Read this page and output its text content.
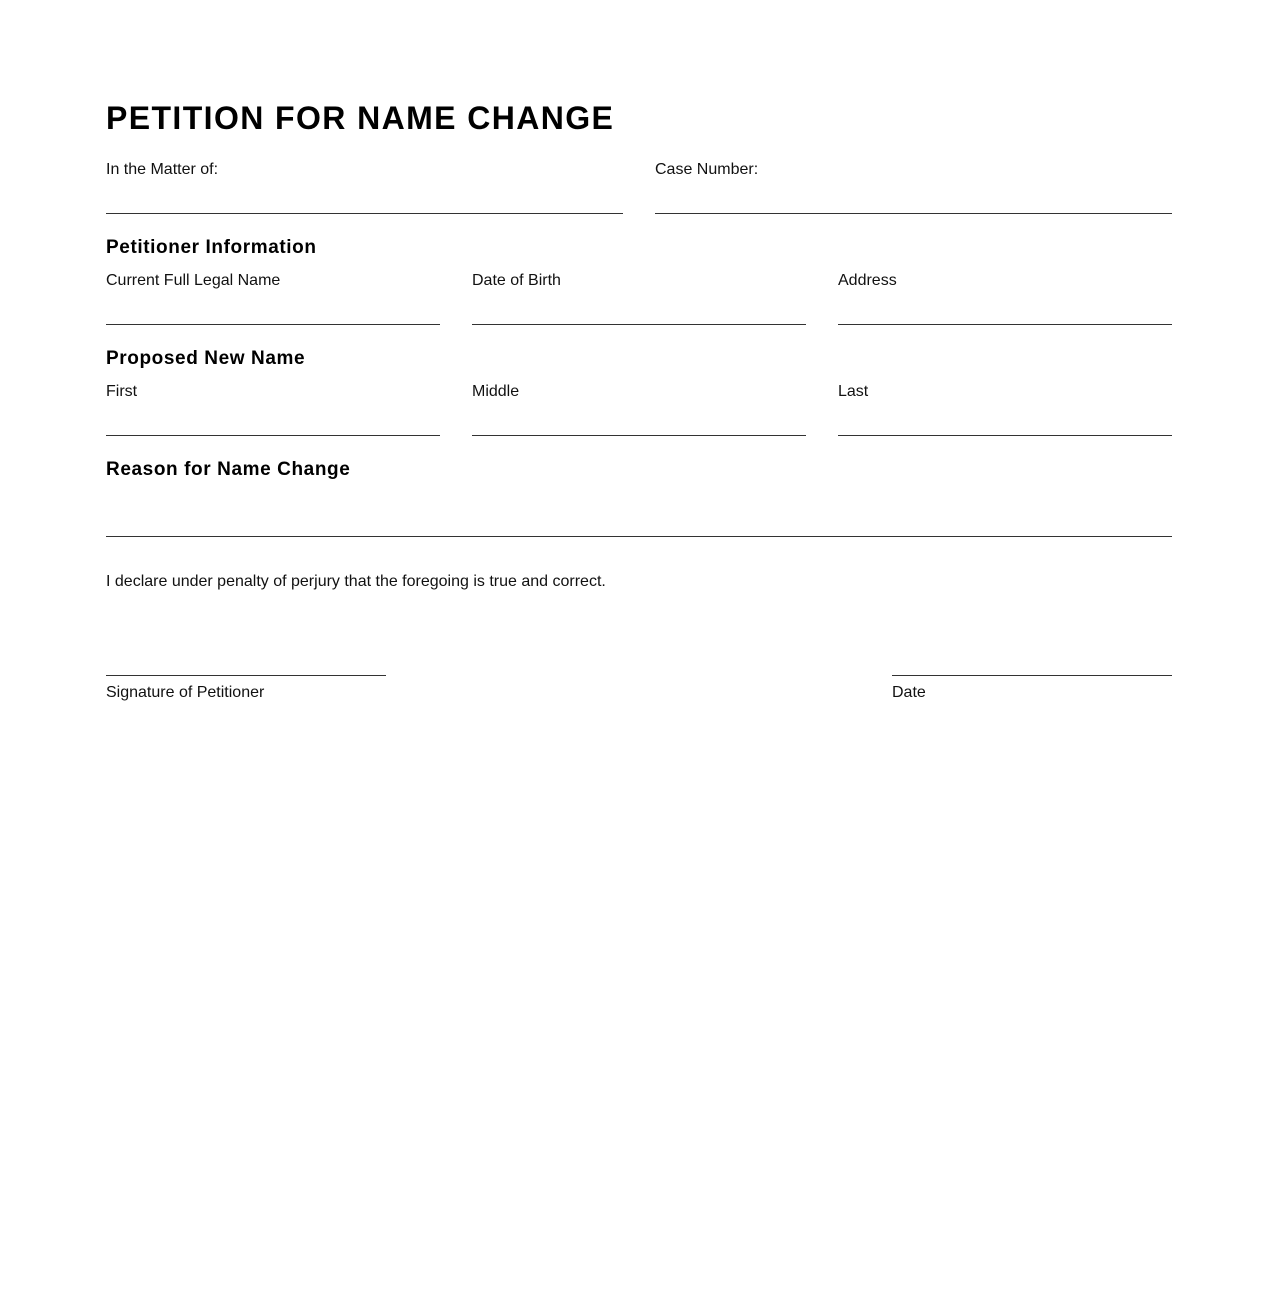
PETITION FOR NAME CHANGE
In the Matter of:	Case Number:
Petitioner Information
Current Full Legal Name	Date of Birth	Address
Proposed New Name
First	Middle	Last
Reason for Name Change
I declare under penalty of perjury that the foregoing is true and correct.
Signature of Petitioner	Date
